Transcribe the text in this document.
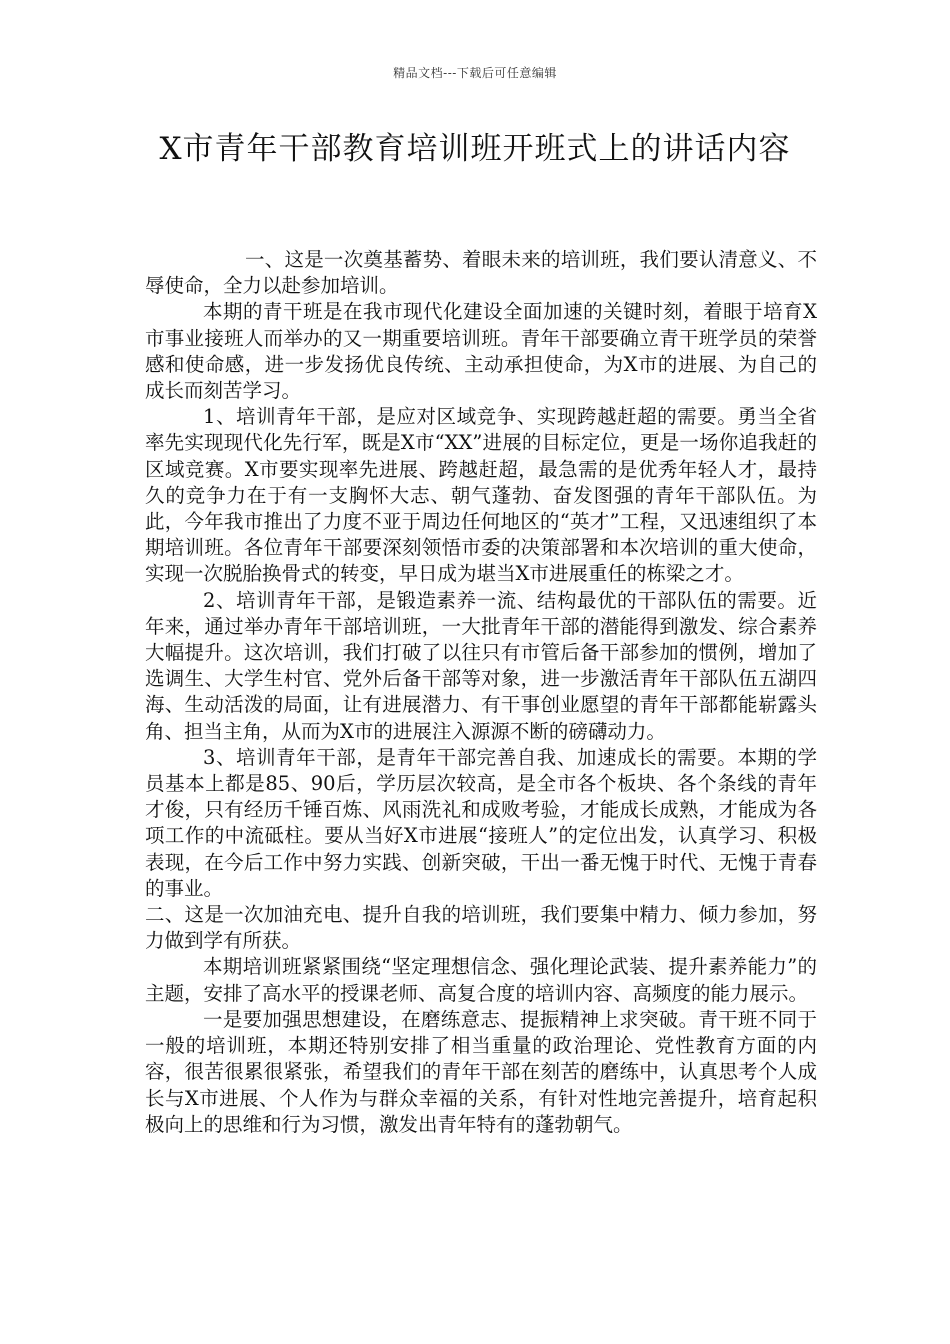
精品文档---下载后可任意编辑
X市青年干部教育培训班开班式上的讲话内容

一、这是一次奠基蓄势、着眼未来的培训班，我们要认清意义、不辱使命，全力以赴参加培训。

本期的青干班是在我市现代化建设全面加速的关键时刻，着眼于培育X市事业接班人而举办的又一期重要培训班。青年干部要确立青干班学员的荣誉感和使命感，进一步发扬优良传统、主动承担使命，为X市的进展、为自己的成长而刻苦学习。

1、培训青年干部，是应对区域竞争、实现跨越赶超的需要。勇当全省率先实现现代化先行军，既是X市“XX”进展的目标定位，更是一场你追我赶的区域竞赛。X市要实现率先进展、跨越赶超，最急需的是优秀年轻人才，最持久的竞争力在于有一支胸怀大志、朝气蓬勃、奋发图强的青年干部队伍。为此，今年我市推出了力度不亚于周边任何地区的“英才”工程，又迅速组织了本期培训班。各位青年干部要深刻领悟市委的决策部署和本次培训的重大使命，实现一次脱胎换骨式的转变，早日成为堪当X市进展重任的栋梁之才。

2、培训青年干部，是锻造素养一流、结构最优的干部队伍的需要。近年来，通过举办青年干部培训班，一大批青年干部的潜能得到激发、综合素养大幅提升。这次培训，我们打破了以往只有市管后备干部参加的惯例，增加了选调生、大学生村官、党外后备干部等对象，进一步激活青年干部队伍五湖四海、生动活泼的局面，让有进展潜力、有干事创业愿望的青年干部都能崭露头角、担当主角，从而为X市的进展注入源源不断的磅礴动力。

3、培训青年干部，是青年干部完善自我、加速成长的需要。本期的学员基本上都是85、90后，学历层次较高，是全市各个板块、各个条线的青年才俊，只有经历千锤百炼、风雨洗礼和成败考验，才能成长成熟，才能成为各项工作的中流砥柱。要从当好X市进展“接班人”的定位出发，认真学习、积极表现，在今后工作中努力实践、创新突破，干出一番无愧于时代、无愧于青春的事业。

二、这是一次加油充电、提升自我的培训班，我们要集中精力、倾力参加，努力做到学有所获。

本期培训班紧紧围绕“坚定理想信念、强化理论武装、提升素养能力”的主题，安排了高水平的授课老师、高复合度的培训内容、高频度的能力展示。

一是要加强思想建设，在磨练意志、提振精神上求突破。青干班不同于一般的培训班，本期还特别安排了相当重量的政治理论、党性教育方面的内容，很苦很累很紧张，希望我们的青年干部在刻苦的磨练中，认真思考个人成长与X市进展、个人作为与群众幸福的关系，有针对性地完善提升，培育起积极向上的思维和行为习惯，激发出青年特有的蓬勃朝气。
